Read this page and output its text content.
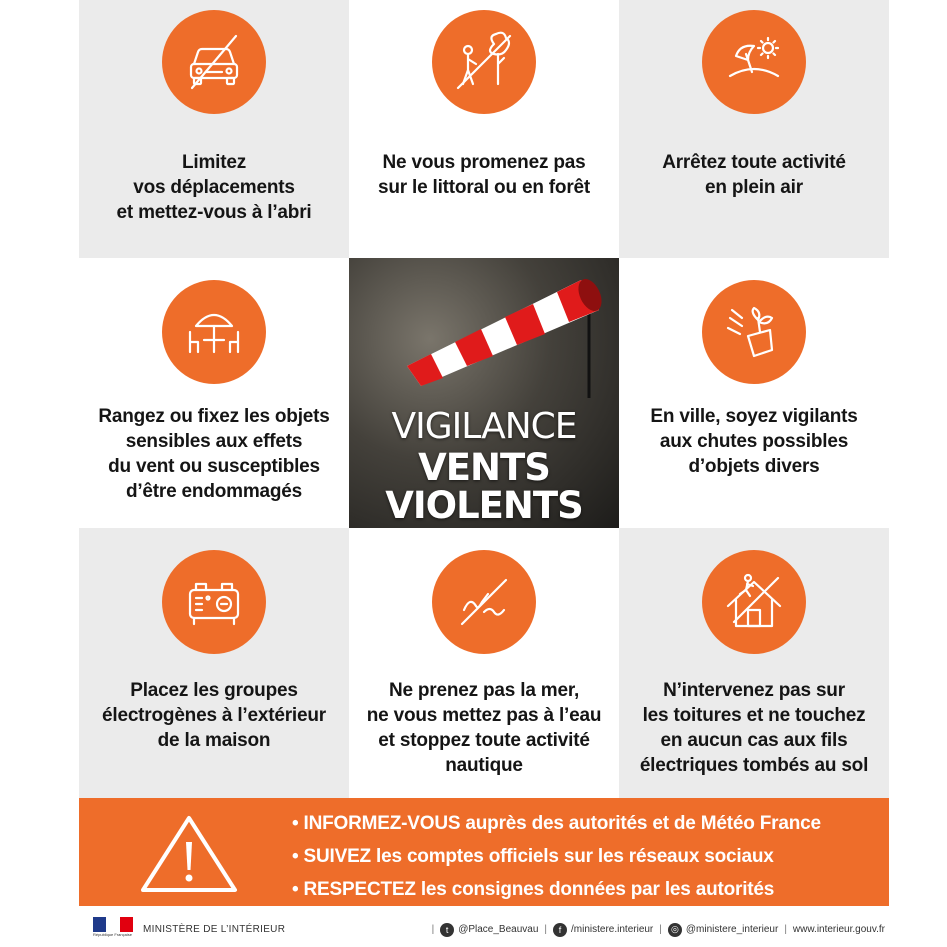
Limitez
vos déplacements
et mettez-vous à l’abri
Ne vous promenez pas
sur le littoral ou en forêt
Arrêtez toute activité
en plein air
Rangez ou fixez les objets
sensibles aux effets
du vent ou susceptibles
d’être endommagés
VIGILANCE
VENTS
VIOLENTS
En ville, soyez vigilants
aux chutes possibles
d’objets divers
Placez les groupes
électrogènes à l’extérieur
de la maison
Ne prenez pas la mer,
ne vous mettez pas à l’eau
et stoppez toute activité
nautique
N’intervenez pas sur
les toitures et ne touchez
en aucun cas aux fils
électriques tombés au sol
• INFORMEZ-VOUS auprès des autorités et de Météo France
• SUIVEZ les comptes officiels sur les réseaux sociaux
• RESPECTEZ les consignes données par les autorités
République Française MINISTÈRE DE L’INTÉRIEUR	|	t @Place_Beauvau |	f /ministere.interieur |	◎ @ministere_interieur | www.interieur.gouv.fr
